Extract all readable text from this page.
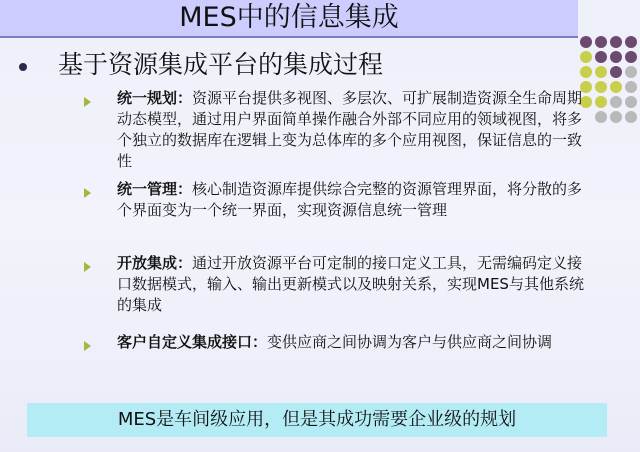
MES中的信息集成
基于资源集成平台的集成过程
统一规划：资源平台提供多视图、多层次、可扩展制造资源全生命周期动态模型，通过用户界面简单操作融合外部不同应用的领域视图，将多个独立的数据库在逻辑上变为总体库的多个应用视图，保证信息的一致性
统一管理：核心制造资源库提供综合完整的资源管理界面，将分散的多个界面变为一个统一界面，实现资源信息统一管理
开放集成：通过开放资源平台可定制的接口定义工具，无需编码定义接口数据模式，输入、输出更新模式以及映射关系，实现MES与其他系统的集成
客户自定义集成接口：变供应商之间协调为客户与供应商之间协调
MES是车间级应用，但是其成功需要企业级的规划
